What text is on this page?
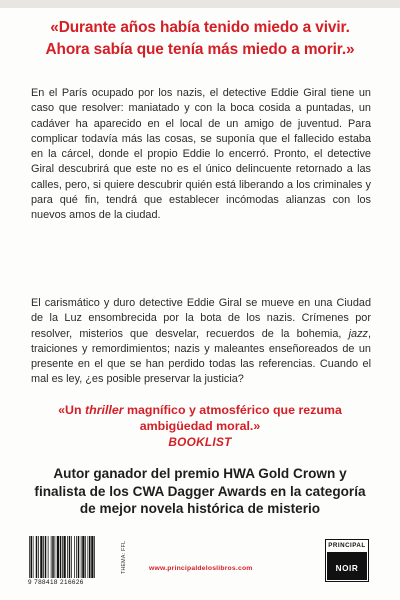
«Durante años había tenido miedo a vivir.
Ahora sabía que tenía más miedo a morir.»

En el París ocupado por los nazis, el detective Eddie Giral tiene un caso que resolver: maniatado y con la boca cosida a puntadas, un cadáver ha aparecido en el local de un amigo de juventud. Para complicar todavía más las cosas, se suponía que el fallecido estaba en la cárcel, donde el propio Eddie lo encerró. Pronto, el detective Giral descubrirá que este no es el único delincuente retornado a las calles, pero, si quiere descubrir quién está liberando a los criminales y para qué fin, tendrá que establecer incómodas alianzas con los nuevos amos de la ciudad.

El carismático y duro detective Eddie Giral se mueve en una Ciudad de la Luz ensombrecida por la bota de los nazis. Crímenes por resolver, misterios que desvelar, recuerdos de la bohemia, jazz, traiciones y remordimientos; nazis y maleantes enseñoreados de un presente en el que se han perdido todas las referencias. Cuando el mal es ley, ¿es posible preservar la justicia?

«Un thriller magnífico y atmosférico que rezuma
ambigüedad moral.»
BOOKLIST
Autor ganador del premio HWA Gold Crown y
finalista de los CWA Dagger Awards en la categoría
de mejor novela histórica de misterio
9 788418 216626
THEMA: FFL	www.principaldeloslibros.com
PRINCIPAL
NOIR
